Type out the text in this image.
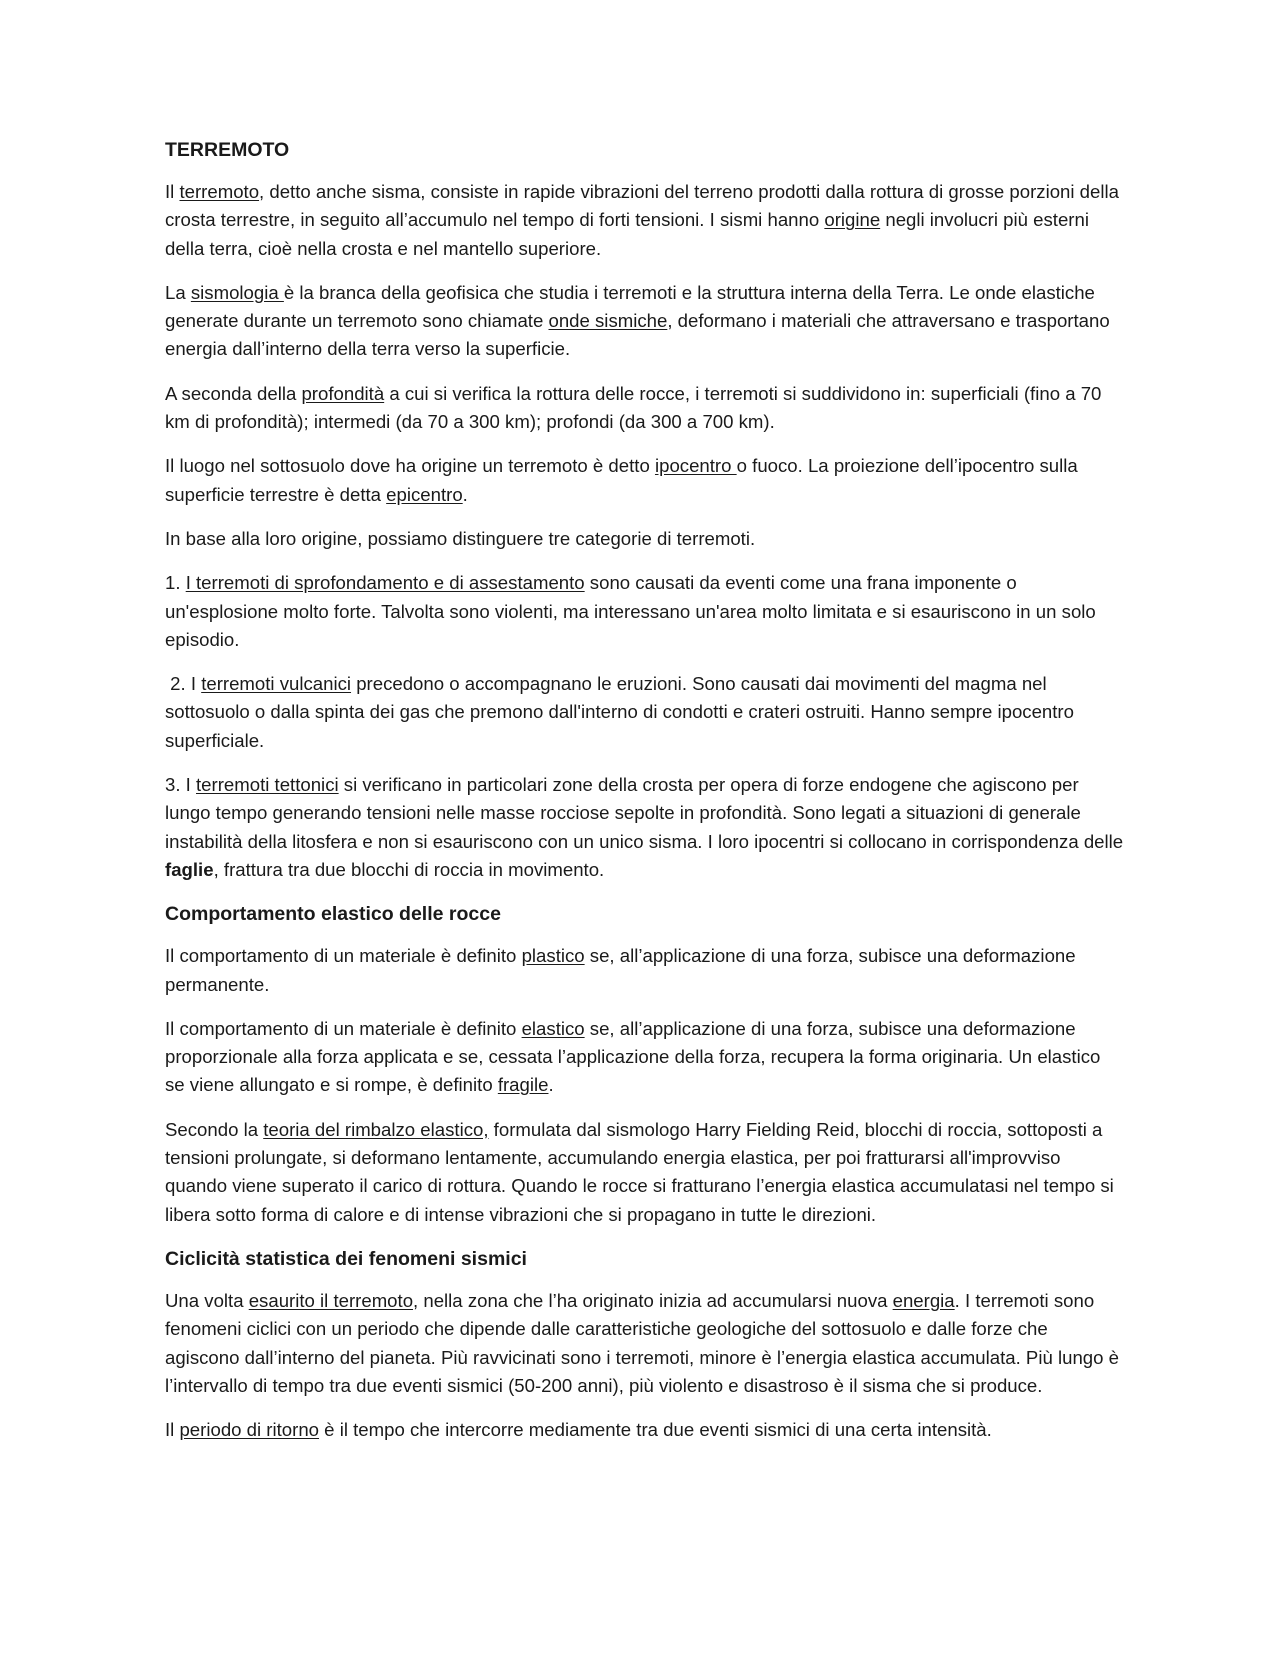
TERREMOTO

Il terremoto, detto anche sisma, consiste in rapide vibrazioni del terreno prodotti dalla rottura di grosse porzioni della crosta terrestre, in seguito all’accumulo nel tempo di forti tensioni. I sismi hanno origine negli involucri più esterni della terra, cioè nella crosta e nel mantello superiore.

La sismologia è la branca della geofisica che studia i terremoti e la struttura interna della Terra. Le onde elastiche generate durante un terremoto sono chiamate onde sismiche, deformano i materiali che attraversano e trasportano energia dall’interno della terra verso la superficie.

A seconda della profondità a cui si verifica la rottura delle rocce, i terremoti si suddividono in: superficiali (fino a 70 km di profondità); intermedi (da 70 a 300 km); profondi (da 300 a 700 km).

Il luogo nel sottosuolo dove ha origine un terremoto è detto ipocentro o fuoco. La proiezione dell’ipocentro sulla superficie terrestre è detta epicentro.

In base alla loro origine, possiamo distinguere tre categorie di terremoti.

1. I terremoti di sprofondamento e di assestamento sono causati da eventi come una frana imponente o un'esplosione molto forte. Talvolta sono violenti, ma interessano un'area molto limitata e si esauriscono in un solo episodio.

2. I terremoti vulcanici precedono o accompagnano le eruzioni. Sono causati dai movimenti del magma nel sottosuolo o dalla spinta dei gas che premono dall'interno di condotti e crateri ostruiti. Hanno sempre ipocentro superficiale.

3. I terremoti tettonici si verificano in particolari zone della crosta per opera di forze endogene che agiscono per lungo tempo generando tensioni nelle masse rocciose sepolte in profondità. Sono legati a situazioni di generale instabilità della litosfera e non si esauriscono con un unico sisma. I loro ipocentri si collocano in corrispondenza delle faglie, frattura tra due blocchi di roccia in movimento.

Comportamento elastico delle rocce

Il comportamento di un materiale è definito plastico se, all’applicazione di una forza, subisce una deformazione permanente.

Il comportamento di un materiale è definito elastico se, all’applicazione di una forza, subisce una deformazione proporzionale alla forza applicata e se, cessata l’applicazione della forza, recupera la forma originaria. Un elastico se viene allungato e si rompe, è definito fragile.

Secondo la teoria del rimbalzo elastico, formulata dal sismologo Harry Fielding Reid, blocchi di roccia, sottoposti a tensioni prolungate, si deformano lentamente, accumulando energia elastica, per poi fratturarsi all'improvviso quando viene superato il carico di rottura. Quando le rocce si fratturano l’energia elastica accumulatasi nel tempo si libera sotto forma di calore e di intense vibrazioni che si propagano in tutte le direzioni.

Ciclicità statistica dei fenomeni sismici

Una volta esaurito il terremoto, nella zona che l’ha originato inizia ad accumularsi nuova energia. I terremoti sono fenomeni ciclici con un periodo che dipende dalle caratteristiche geologiche del sottosuolo e dalle forze che agiscono dall’interno del pianeta. Più ravvicinati sono i terremoti, minore è l’energia elastica accumulata. Più lungo è l’intervallo di tempo tra due eventi sismici (50-200 anni), più violento e disastroso è il sisma che si produce.

Il periodo di ritorno è il tempo che intercorre mediamente tra due eventi sismici di una certa intensità.
